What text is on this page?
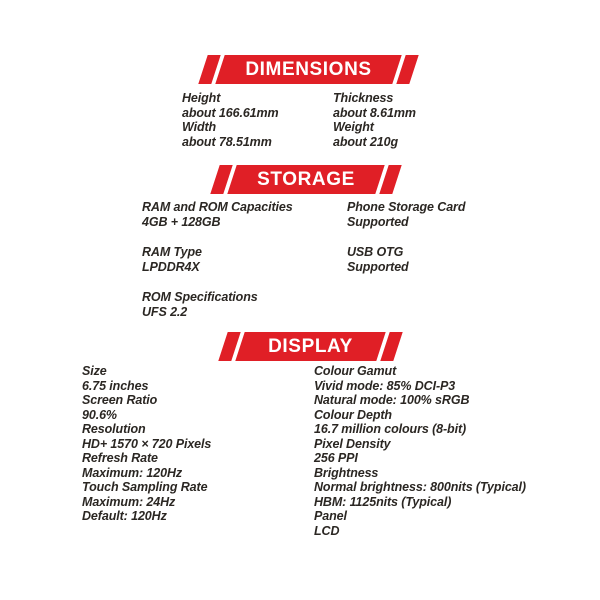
DIMENSIONS
Height
about 166.61mm
Width
about 78.51mm
Thickness
about 8.61mm
Weight
about 210g
STORAGE
RAM and ROM Capacities
4GB + 128GB

RAM Type
LPDDR4X

ROM Specifications
UFS 2.2
Phone Storage Card
Supported

USB OTG
Supported
DISPLAY
Size
6.75 inches
Screen Ratio
90.6%
Resolution
HD+ 1570 × 720 Pixels
Refresh Rate
Maximum: 120Hz
Touch Sampling Rate
Maximum: 24Hz
Default: 120Hz
Colour Gamut
Vivid mode: 85% DCI-P3
Natural mode: 100% sRGB
Colour Depth
16.7 million colours (8-bit)
Pixel Density
256 PPI
Brightness
Normal brightness: 800nits (Typical)
HBM: 1125nits (Typical)
Panel
LCD
